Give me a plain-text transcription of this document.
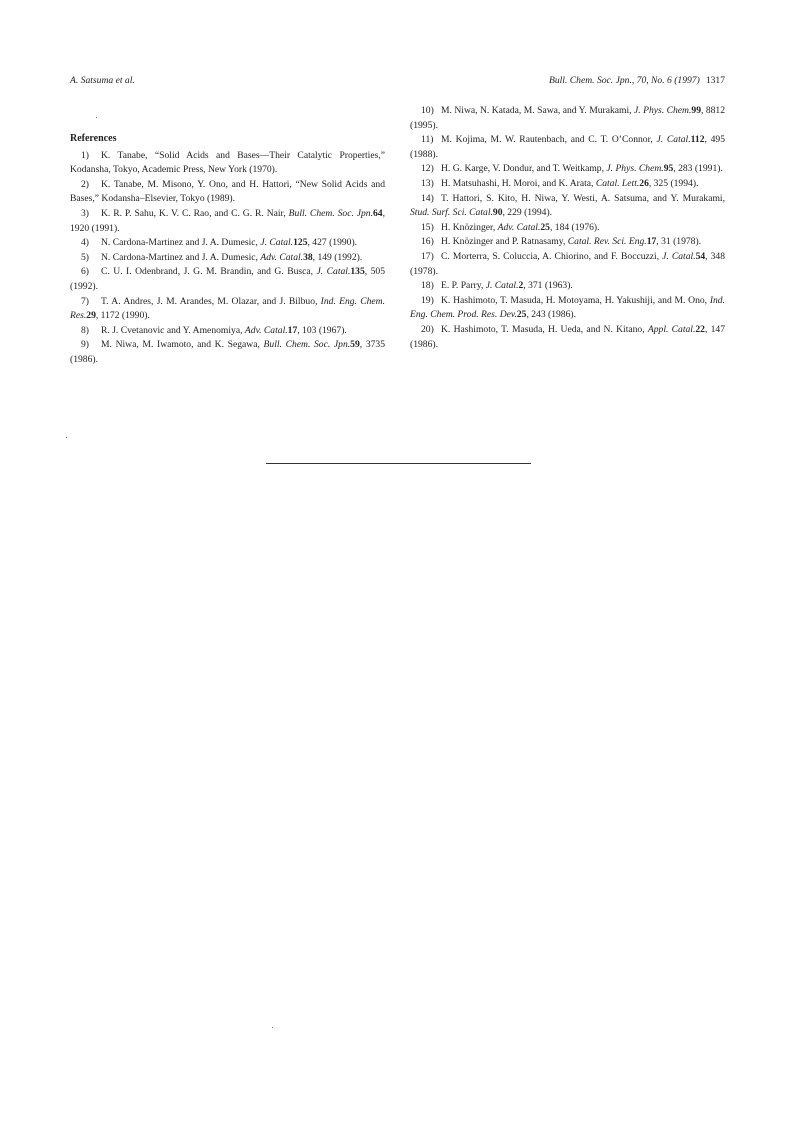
A. Satsuma et al.	Bull. Chem. Soc. Jpn., 70, No. 6 (1997) 1317
References

1) K. Tanabe, “Solid Acids and Bases—Their Catalytic Properties,” Kodansha, Tokyo, Academic Press, New York (1970).

2) K. Tanabe, M. Misono, Y. Ono, and H. Hattori, “New Solid Acids and Bases,” Kodansha–Elsevier, Tokyo (1989).

3) K. R. P. Sahu, K. V. C. Rao, and C. G. R. Nair, Bull. Chem. Soc. Jpn.64, 1920 (1991).

4) N. Cardona-Martinez and J. A. Dumesic, J. Catal.125, 427 (1990).

5) N. Cardona-Martinez and J. A. Dumesic, Adv. Catal.38, 149 (1992).

6) C. U. I. Odenbrand, J. G. M. Brandin, and G. Busca, J. Catal.135, 505 (1992).

7) T. A. Andres, J. M. Arandes, M. Olazar, and J. Bilbuo, Ind. Eng. Chem. Res.29, 1172 (1990).

8) R. J. Cvetanovic and Y. Amenomiya, Adv. Catal.17, 103 (1967).

9) M. Niwa, M. Iwamoto, and K. Segawa, Bull. Chem. Soc. Jpn.59, 3735 (1986).

10) M. Niwa, N. Katada, M. Sawa, and Y. Murakami, J. Phys. Chem.99, 8812 (1995).

11) M. Kojima, M. W. Rautenbach, and C. T. O’Connor, J. Catal.112, 495 (1988).

12) H. G. Karge, V. Dondur, and T. Weitkamp, J. Phys. Chem.95, 283 (1991).

13) H. Matsuhashi, H. Moroi, and K. Arata, Catal. Lett.26, 325 (1994).

14) T. Hattori, S. Kito, H. Niwa, Y. Westi, A. Satsuma, and Y. Murakami, Stud. Surf. Sci. Catal.90, 229 (1994).

15) H. Knözinger, Adv. Catal.25, 184 (1976).

16) H. Knözinger and P. Ratnasamy, Catal. Rev. Sci. Eng.17, 31 (1978).

17) C. Morterra, S. Coluccia, A. Chiorino, and F. Boccuzzi, J. Catal.54, 348 (1978).

18) E. P. Parry, J. Catal.2, 371 (1963).

19) K. Hashimoto, T. Masuda, H. Motoyama, H. Yakushiji, and M. Ono, Ind. Eng. Chem. Prod. Res. Dev.25, 243 (1986).

20) K. Hashimoto, T. Masuda, H. Ueda, and N. Kitano, Appl. Catal.22, 147 (1986).
